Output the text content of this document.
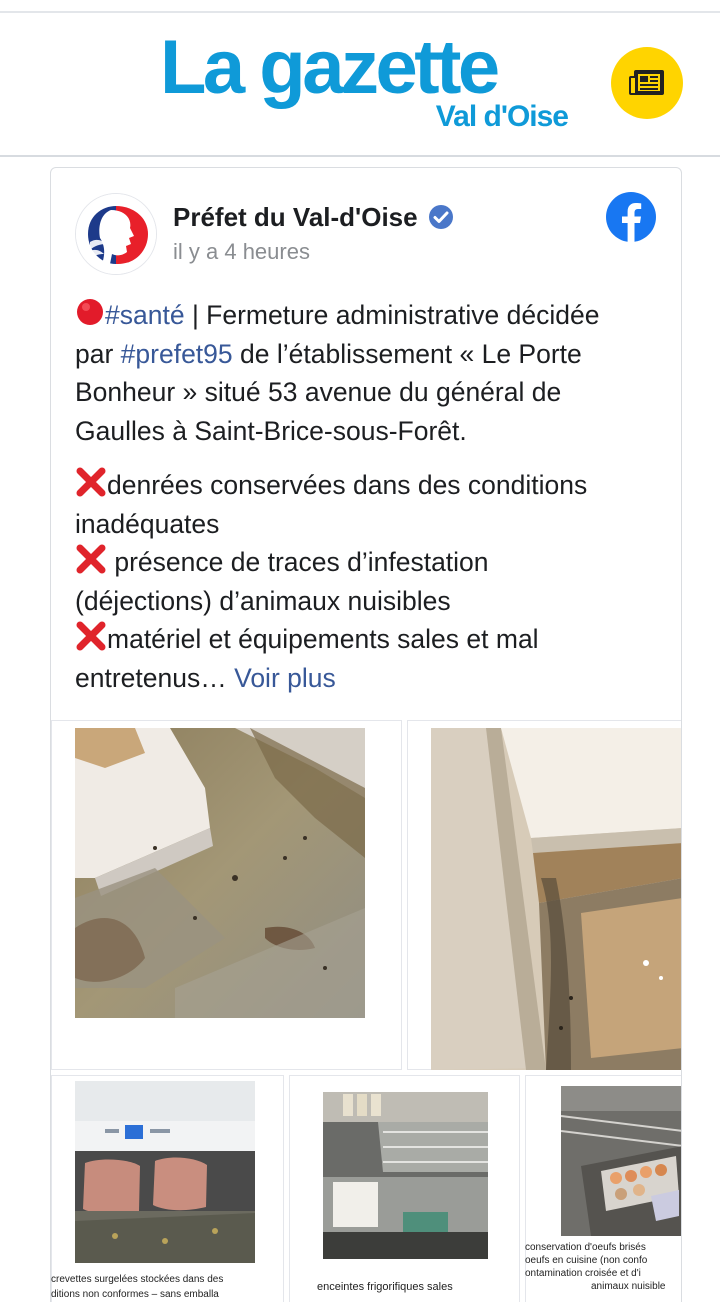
La gazette
Val d'Oise
Préfet du Val-d'Oise
il y a 4 heures

#santé | Fermeture administrative décidée
par #prefet95 de l’établissement « Le Porte
Bonheur » situé 53 avenue du général de
Gaulles à Saint-Brice-sous-Forêt.

denrées conservées dans des conditions
inadéquates
présence de traces d’infestation
(déjections) d’animaux nuisibles
matériel et équipements sales et mal
entretenus… Voir plus

crevettes surgelées stockées dans des
ditions non conformes – sans emballa
enceintes frigorifiques sales
conservation d'oeufs brisés
oeufs en cuisine (non confo
ontamination croisée et d'i
animaux nuisible
